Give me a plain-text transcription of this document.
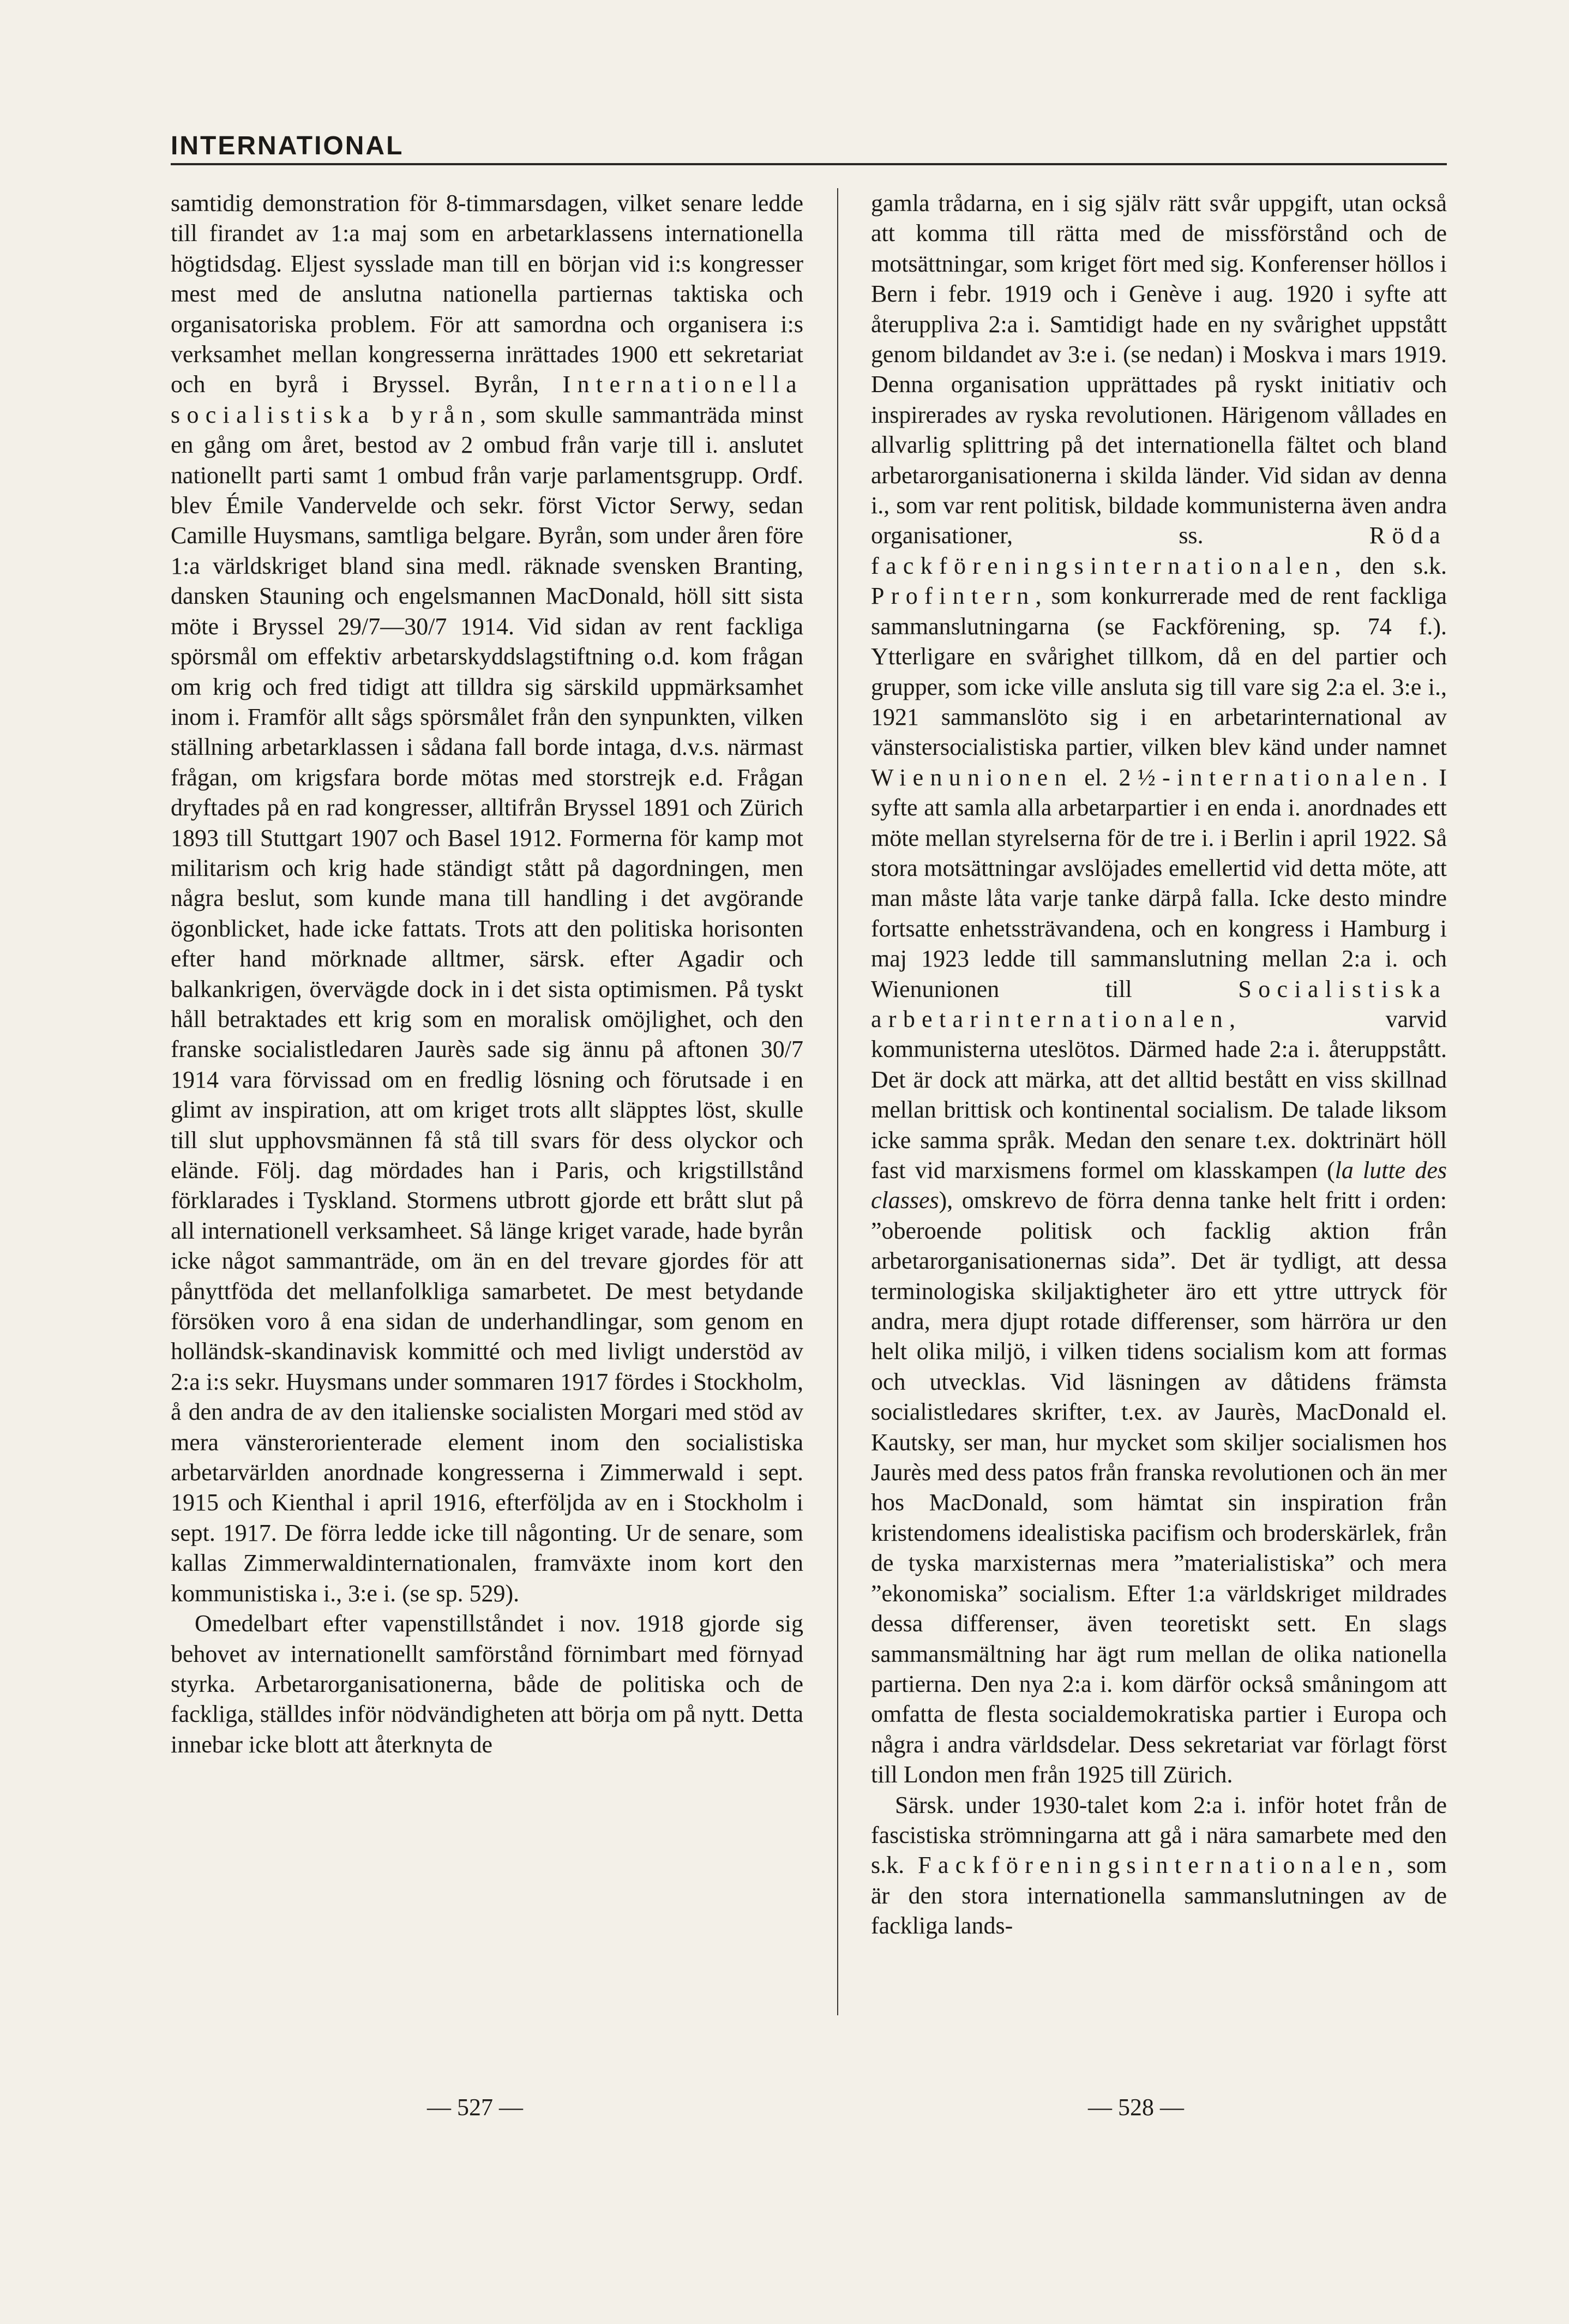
INTERNATIONAL

samtidig demonstration för 8-timmarsdagen, vilket senare ledde till firandet av 1:a maj som en arbetarklassens internationella högtidsdag. Eljest sysslade man till en början vid i:s kongresser mest med de anslutna nationella partiernas taktiska och organisatoriska problem. För att samordna och organisera i:s verksamhet mellan kongresserna inrättades 1900 ett sekretariat och en byrå i Bryssel. Byrån, Internationella socialistiska byrån, som skulle sammanträda minst en gång om året, bestod av 2 ombud från varje till i. anslutet nationellt parti samt 1 ombud från varje parlamentsgrupp. Ordf. blev Émile Vandervelde och sekr. först Victor Serwy, sedan Camille Huysmans, samtliga belgare. Byrån, som under åren före 1:a världskriget bland sina medl. räknade svensken Branting, dansken Stauning och engelsmannen MacDonald, höll sitt sista möte i Bryssel 29/7—30/7 1914. Vid sidan av rent fackliga spörsmål om effektiv arbetarskyddslagstiftning o.d. kom frågan om krig och fred tidigt att tilldra sig särskild uppmärksamhet inom i. Framför allt sågs spörsmålet från den synpunkten, vilken ställning arbetarklassen i sådana fall borde intaga, d.v.s. närmast frågan, om krigsfara borde mötas med storstrejk e.d. Frågan dryftades på en rad kongresser, alltifrån Bryssel 1891 och Zürich 1893 till Stuttgart 1907 och Basel 1912. Formerna för kamp mot militarism och krig hade ständigt stått på dagordningen, men några beslut, som kunde mana till handling i det avgörande ögonblicket, hade icke fattats. Trots att den politiska horisonten efter hand mörknade alltmer, särsk. efter Agadir och balkankrigen, övervägde dock in i det sista optimismen. På tyskt håll betraktades ett krig som en moralisk omöjlighet, och den franske socialistledaren Jaurès sade sig ännu på aftonen 30/7 1914 vara förvissad om en fredlig lösning och förutsade i en glimt av inspiration, att om kriget trots allt släpptes löst, skulle till slut upphovsmännen få stå till svars för dess olyckor och elände. Följ. dag mördades han i Paris, och krigstillstånd förklarades i Tyskland. Stormens utbrott gjorde ett brått slut på all internationell verksamheet. Så länge kriget varade, hade byrån icke något sammanträde, om än en del trevare gjordes för att pånyttföda det mellanfolkliga samarbetet. De mest betydande försöken voro å ena sidan de underhandlingar, som genom en holländsk-skandinavisk kommitté och med livligt understöd av 2:a i:s sekr. Huysmans under sommaren 1917 fördes i Stockholm, å den andra de av den italienske socialisten Morgari med stöd av mera vänsterorienterade element inom den socialistiska arbetarvärlden anordnade kongresserna i Zimmerwald i sept. 1915 och Kienthal i april 1916, efterföljda av en i Stockholm i sept. 1917. De förra ledde icke till någonting. Ur de senare, som kallas Zimmerwaldinternationalen, framväxte inom kort den kommunistiska i., 3:e i. (se sp. 529).

Omedelbart efter vapenstillståndet i nov. 1918 gjorde sig behovet av internationellt samförstånd förnimbart med förnyad styrka. Arbetarorganisationerna, både de politiska och de fackliga, ställdes inför nödvändigheten att börja om på nytt. Detta innebar icke blott att återknyta de

gamla trådarna, en i sig själv rätt svår uppgift, utan också att komma till rätta med de missförstånd och de motsättningar, som kriget fört med sig. Konferenser höllos i Bern i febr. 1919 och i Genève i aug. 1920 i syfte att återuppliva 2:a i. Samtidigt hade en ny svårighet uppstått genom bildandet av 3:e i. (se nedan) i Moskva i mars 1919. Denna organisation upprättades på ryskt initiativ och inspirerades av ryska revolutionen. Härigenom vållades en allvarlig splittring på det internationella fältet och bland arbetarorganisationerna i skilda länder. Vid sidan av denna i., som var rent politisk, bildade kommunisterna även andra organisationer, ss. Röda fackföreningsinternationalen, den s.k. Profintern, som konkurrerade med de rent fackliga sammanslutningarna (se Fackförening, sp. 74 f.). Ytterligare en svårighet tillkom, då en del partier och grupper, som icke ville ansluta sig till vare sig 2:a el. 3:e i., 1921 sammanslöto sig i en arbetarinternational av vänstersocialistiska partier, vilken blev känd under namnet Wienunionen el. 2½-internationalen. I syfte att samla alla arbetarpartier i en enda i. anordnades ett möte mellan styrelserna för de tre i. i Berlin i april 1922. Så stora motsättningar avslöjades emellertid vid detta möte, att man måste låta varje tanke därpå falla. Icke desto mindre fortsatte enhetssträvandena, och en kongress i Hamburg i maj 1923 ledde till sammanslutning mellan 2:a i. och Wienunionen till Socialistiska arbetarinternationalen, varvid kommunisterna uteslötos. Därmed hade 2:a i. återuppstått. Det är dock att märka, att det alltid bestått en viss skillnad mellan brittisk och kontinental socialism. De talade liksom icke samma språk. Medan den senare t.ex. doktrinärt höll fast vid marxismens formel om klasskampen (la lutte des classes), omskrevo de förra denna tanke helt fritt i orden: ”oberoende politisk och facklig aktion från arbetarorganisationernas sida”. Det är tydligt, att dessa terminologiska skiljaktigheter äro ett yttre uttryck för andra, mera djupt rotade differenser, som härröra ur den helt olika miljö, i vilken tidens socialism kom att formas och utvecklas. Vid läsningen av dåtidens främsta socialistledares skrifter, t.ex. av Jaurès, MacDonald el. Kautsky, ser man, hur mycket som skiljer socialismen hos Jaurès med dess patos från franska revolutionen och än mer hos MacDonald, som hämtat sin inspiration från kristendomens idealistiska pacifism och broderskärlek, från de tyska marxisternas mera ”materialistiska” och mera ”ekonomiska” socialism. Efter 1:a världskriget mildrades dessa differenser, även teoretiskt sett. En slags sammansmältning har ägt rum mellan de olika nationella partierna. Den nya 2:a i. kom därför också småningom att omfatta de flesta socialdemokratiska partier i Europa och några i andra världsdelar. Dess sekretariat var förlagt först till London men från 1925 till Zürich.

Särsk. under 1930-talet kom 2:a i. inför hotet från de fascistiska strömningarna att gå i nära samarbete med den s.k. Fackföreningsinternationalen, som är den stora internationella sammanslutningen av de fackliga lands-

— 527 —	— 528 —
